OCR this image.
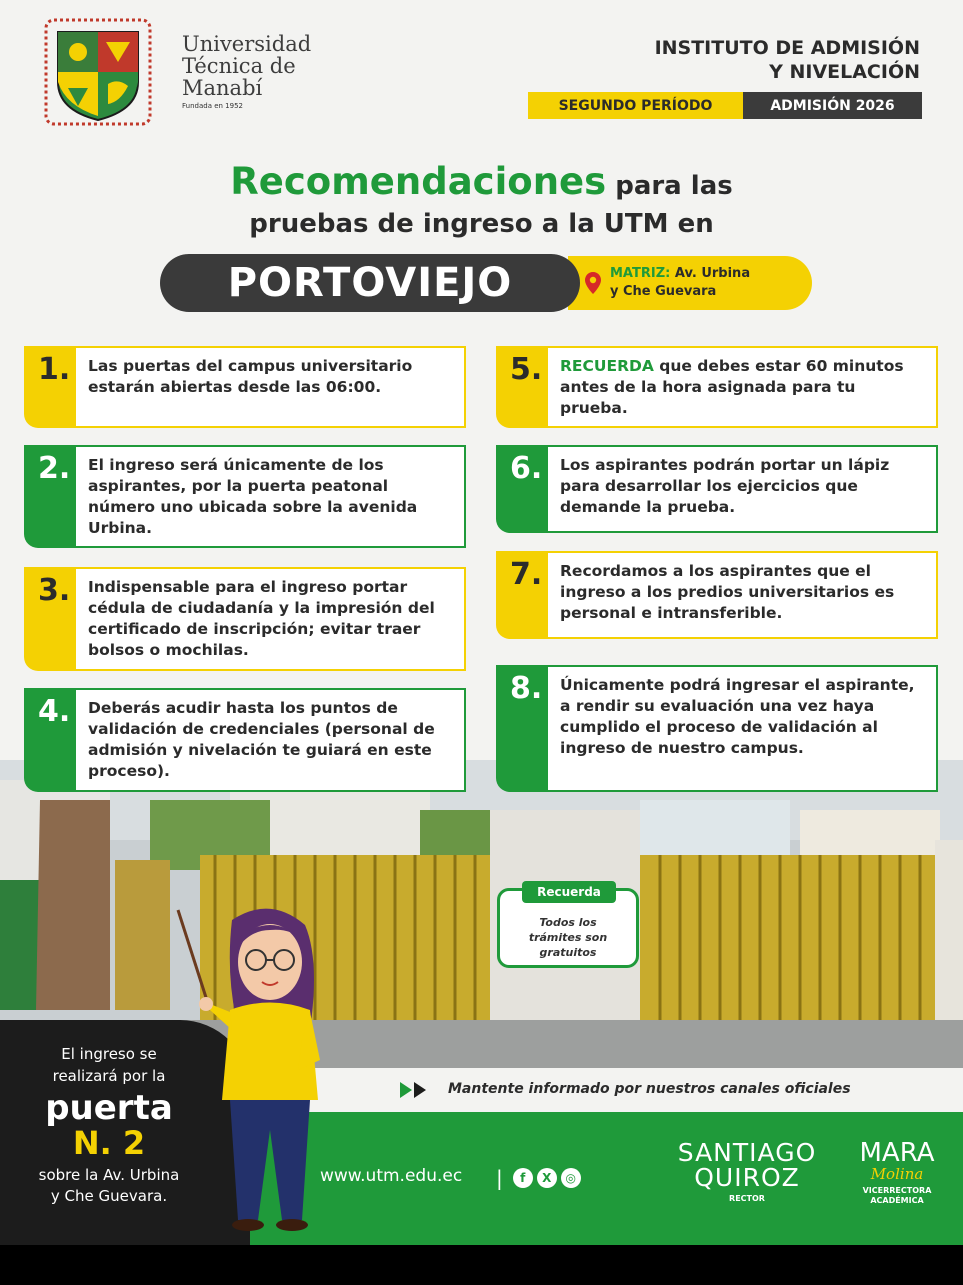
Universidad
Técnica de
Manabí
Fundada en 1952
INSTITUTO DE ADMISIÓN
Y NIVELACIÓN
SEGUNDO PERÍODO	ADMISIÓN 2026
Recomendaciones para las
pruebas de ingreso a la UTM en
MATRIZ: Av. Urbina
y Che Guevara
PORTOVIEJO
1.	Las puertas del campus universitario estarán abiertas desde las 06:00.
2.	El ingreso será únicamente de los aspirantes, por la puerta peatonal número uno ubicada sobre la avenida Urbina.
3.	Indispensable para el ingreso portar cédula de ciudadanía y la impresión del certificado de inscripción; evitar traer bolsos o mochilas.
4.	Deberás acudir hasta los puntos de validación de credenciales (personal de admisión y nivelación te guiará en este proceso).
5.	RECUERDA que debes estar 60 minutos antes de la hora asignada para tu prueba.
6.	Los aspirantes podrán portar un lápiz para desarrollar los ejercicios que demande la prueba.
7.	Recordamos a los aspirantes que el ingreso a los predios universitarios es personal e intransferible.
8.	Únicamente podrá ingresar el aspirante, a rendir su evaluación una vez haya cumplido el proceso de validación al ingreso de nuestro campus.
Recuerda
Todos los
trámites son
gratuitos
Mantente informado por nuestros canales oficiales
www.utm.edu.ec |	f	X	◎
SANTIAGO
QUIROZ
RECTOR
MARA
Molina
VICERRECTORA
ACADÉMICA
El ingreso se
realizará por la
puerta
N. 2
sobre la Av. Urbina
y Che Guevara.
